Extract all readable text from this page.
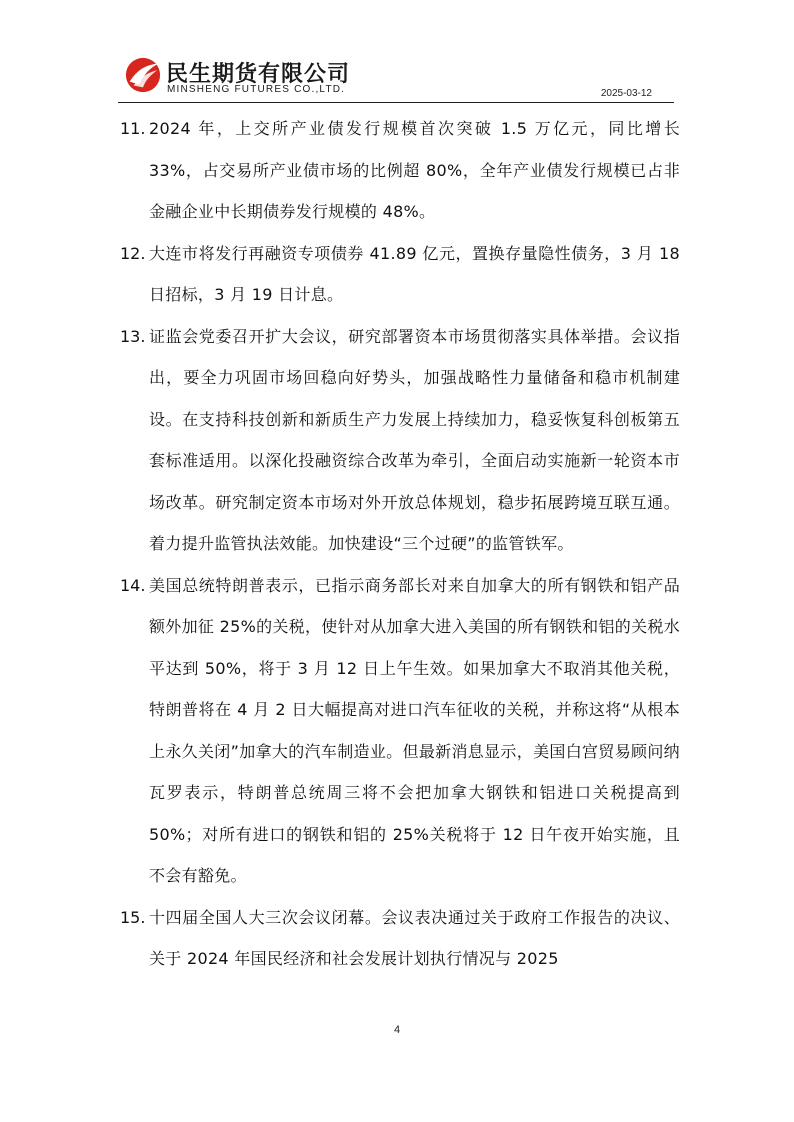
民生期货有限公司
MINSHENG FUTURES CO.,LTD.	2025-03-12
11. 2024 年，上交所产业债发行规模首次突破 1.5 万亿元，同比增长 33%，占交易所产业债市场的比例超 80%，全年产业债发行规模已占非金融企业中长期债券发行规模的 48%。
12. 大连市将发行再融资专项债券 41.89 亿元，置换存量隐性债务，3 月 18 日招标，3 月 19 日计息。
13. 证监会党委召开扩大会议，研究部署资本市场贯彻落实具体举措。会议指出，要全力巩固市场回稳向好势头，加强战略性力量储备和稳市机制建设。在支持科技创新和新质生产力发展上持续加力，稳妥恢复科创板第五套标准适用。以深化投融资综合改革为牵引，全面启动实施新一轮资本市场改革。研究制定资本市场对外开放总体规划，稳步拓展跨境互联互通。着力提升监管执法效能。加快建设“三个过硬”的监管铁军。
14. 美国总统特朗普表示，已指示商务部长对来自加拿大的所有钢铁和铝产品额外加征 25%的关税，使针对从加拿大进入美国的所有钢铁和铝的关税水平达到 50%，将于 3 月 12 日上午生效。如果加拿大不取消其他关税，特朗普将在 4 月 2 日大幅提高对进口汽车征收的关税，并称这将“从根本上永久关闭”加拿大的汽车制造业。但最新消息显示，美国白宫贸易顾问纳瓦罗表示，特朗普总统周三将不会把加拿大钢铁和铝进口关税提高到 50%；对所有进口的钢铁和铝的 25%关税将于 12 日午夜开始实施，且不会有豁免。
15. 十四届全国人大三次会议闭幕。会议表决通过关于政府工作报告的决议、关于 2024 年国民经济和社会发展计划执行情况与 2025
4
